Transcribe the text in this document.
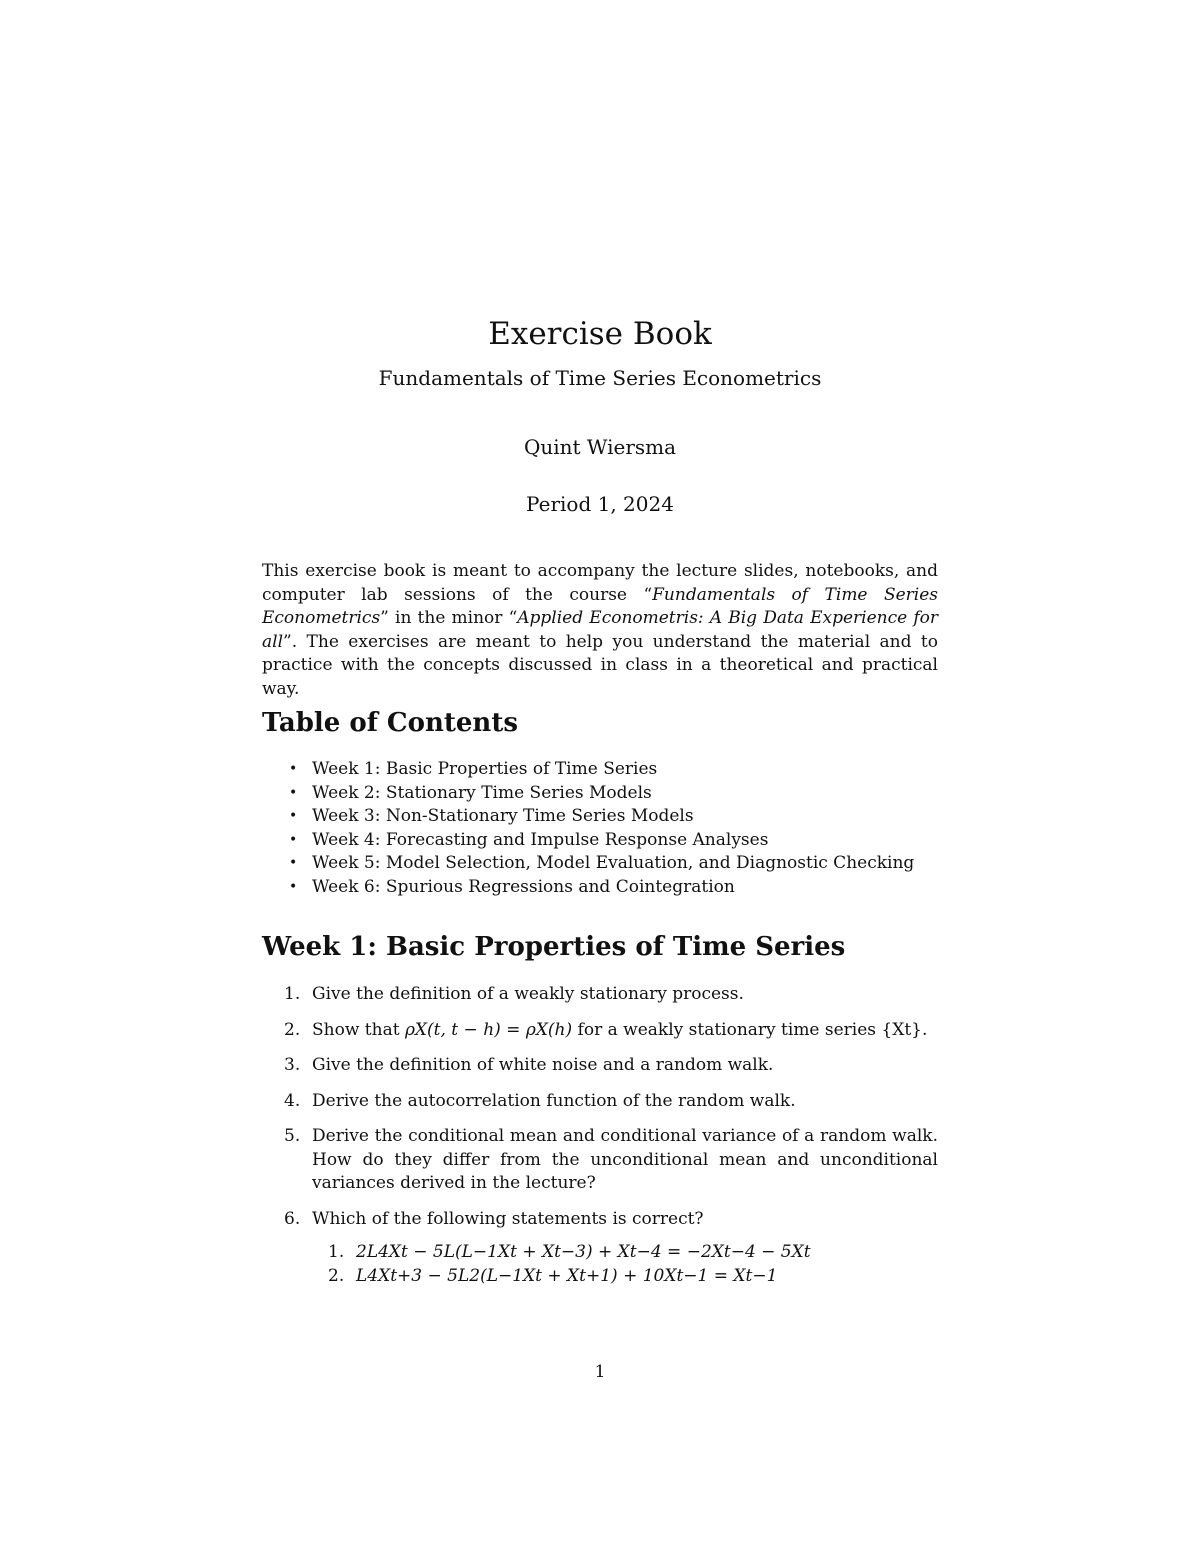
Exercise Book
Fundamentals of Time Series Econometrics
Quint Wiersma
Period 1, 2024

This exercise book is meant to accompany the lecture slides, notebooks, and computer lab sessions of the course “Fundamentals of Time Series Econometrics” in the minor “Applied Econometris: A Big Data Experience for all”. The exercises are meant to help you understand the material and to practice with the concepts discussed in class in a theoretical and practical way.

Table of Contents
• Week 1: Basic Properties of Time Series
• Week 2: Stationary Time Series Models
• Week 3: Non-Stationary Time Series Models
• Week 4: Forecasting and Impulse Response Analyses
• Week 5: Model Selection, Model Evaluation, and Diagnostic Checking
• Week 6: Spurious Regressions and Cointegration
Week 1: Basic Properties of Time Series
1. Give the definition of a weakly stationary process.
2. Show that ρX(t, t − h) = ρX(h) for a weakly stationary time series {Xt}.
3. Give the definition of white noise and a random walk.
4. Derive the autocorrelation function of the random walk.
5. Derive the conditional mean and conditional variance of a random walk. How do they differ from the unconditional mean and unconditional variances derived in the lecture?
6. Which of the following statements is correct?
1. 2L4Xt − 5L(L−1Xt + Xt−3) + Xt−4 = −2Xt−4 − 5Xt
2. L4Xt+3 − 5L2(L−1Xt + Xt+1) + 10Xt−1 = Xt−1
1
